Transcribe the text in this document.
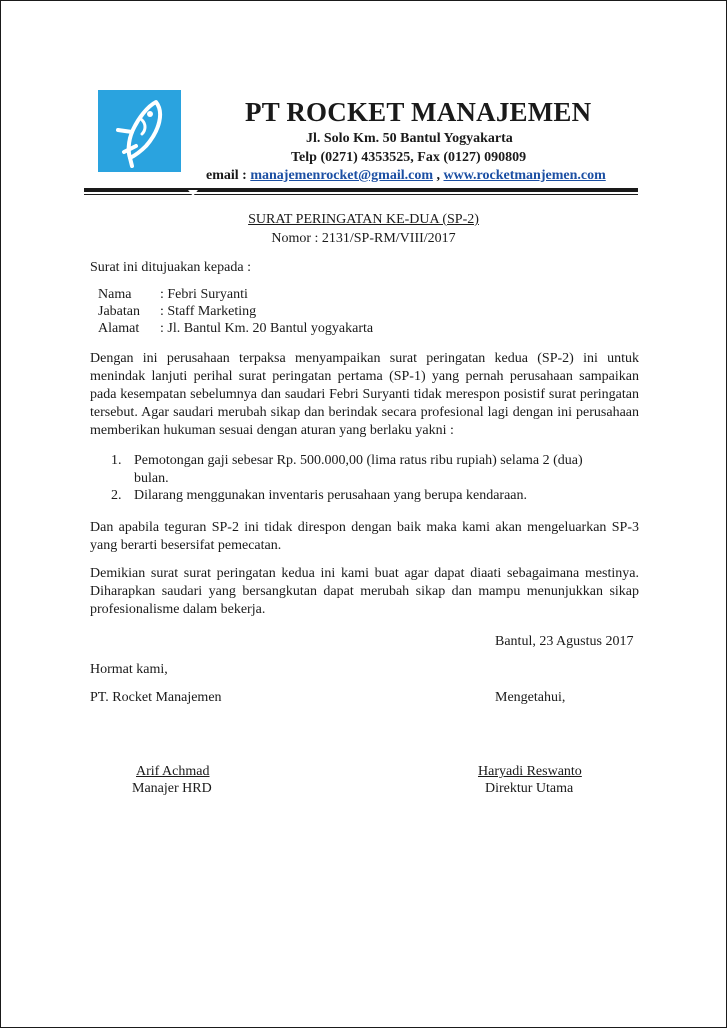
PT ROCKET MANAJEMEN
Jl. Solo Km. 50 Bantul Yogyakarta
Telp (0271) 4353525, Fax (0127) 090809
email : manajemenrocket@gmail.com , www.rocketmanjemen.com
SURAT PERINGATAN KE-DUA (SP-2)
Nomor : 2131/SP-RM/VIII/2017
Surat ini ditujuakan kepada :
Nama : Febri Suryanti
Jabatan : Staff Marketing
Alamat : Jl. Bantul Km. 20 Bantul yogyakarta
Dengan ini perusahaan terpaksa menyampaikan surat peringatan kedua (SP-2) ini untuk menindak lanjuti perihal surat peringatan pertama (SP-1) yang pernah perusahaan sampaikan pada kesempatan sebelumnya dan saudari Febri Suryanti tidak merespon posistif surat peringatan tersebut. Agar saudari merubah sikap dan berindak secara profesional lagi dengan ini perusahaan memberikan hukuman sesuai dengan aturan yang berlaku yakni :
1. Pemotongan gaji sebesar Rp. 500.000,00 (lima ratus ribu rupiah) selama 2 (dua) bulan.
2. Dilarang menggunakan inventaris perusahaan yang berupa kendaraan.
Dan apabila teguran SP-2 ini tidak direspon dengan baik maka kami akan mengeluarkan SP-3 yang berarti besersifat pemecatan.
Demikian surat surat peringatan kedua ini kami buat agar dapat diaati sebagaimana mestinya. Diharapkan saudari yang bersangkutan dapat merubah sikap dan mampu menunjukkan sikap profesionalisme dalam bekerja.
Bantul, 23 Agustus 2017
Hormat kami,
PT. Rocket Manajemen	Mengetahui,
Arif Achmad
Manajer HRD
Haryadi Reswanto
Direktur Utama
